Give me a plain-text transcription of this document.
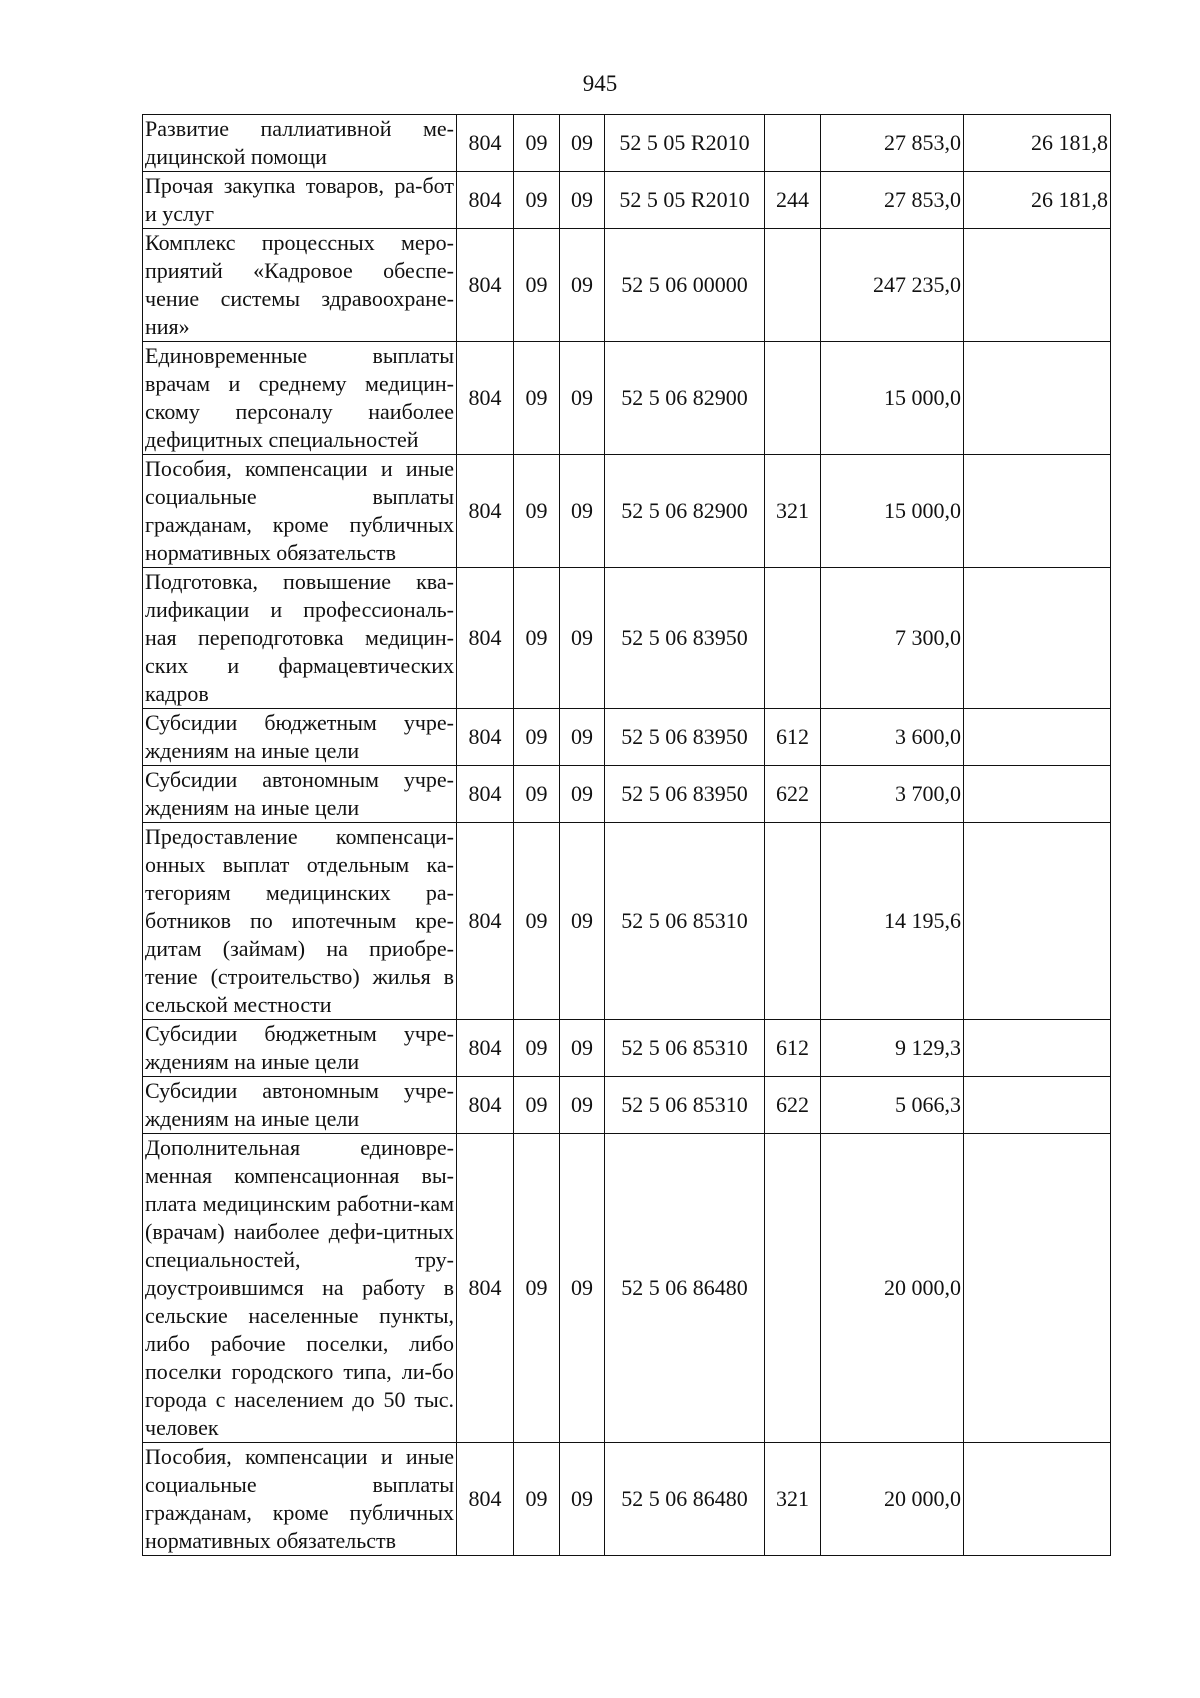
945
Развитие паллиативной ме-дицинской помощи	804	09	09	52 5 05 R2010		27 853,0	26 181,8
Прочая закупка товаров, ра-бот и услуг	804	09	09	52 5 05 R2010	244	27 853,0	26 181,8
Комплекс процессных меро-приятий «Кадровое обеспе-чение системы здравоохране-ния»	804	09	09	52 5 06 00000		247 235,0	
Единовременные выплаты врачам и среднему медицин-скому персоналу наиболее дефицитных специальностей	804	09	09	52 5 06 82900		15 000,0	
Пособия, компенсации и иные социальные выплаты гражданам, кроме публичных нормативных обязательств	804	09	09	52 5 06 82900	321	15 000,0	
Подготовка, повышение ква-лификации и профессиональ-ная переподготовка медицин-ских и фармацевтических кадров	804	09	09	52 5 06 83950		7 300,0	
Субсидии бюджетным учре-ждениям на иные цели	804	09	09	52 5 06 83950	612	3 600,0	
Субсидии автономным учре-ждениям на иные цели	804	09	09	52 5 06 83950	622	3 700,0	
Предоставление компенсаци-онных выплат отдельным ка-тегориям медицинских ра-ботников по ипотечным кре-дитам (займам) на приобре-тение (строительство) жилья в сельской местности	804	09	09	52 5 06 85310		14 195,6	
Субсидии бюджетным учре-ждениям на иные цели	804	09	09	52 5 06 85310	612	9 129,3	
Субсидии автономным учре-ждениям на иные цели	804	09	09	52 5 06 85310	622	5 066,3	
Дополнительная единовре-менная компенсационная вы-плата медицинским работни-кам (врачам) наиболее дефи-цитных специальностей, тру-доустроившимся на работу в сельские населенные пункты, либо рабочие поселки, либо поселки городского типа, ли-бо города с населением до 50 тыс. человек	804	09	09	52 5 06 86480		20 000,0	
Пособия, компенсации и иные социальные выплаты гражданам, кроме публичных нормативных обязательств	804	09	09	52 5 06 86480	321	20 000,0	
